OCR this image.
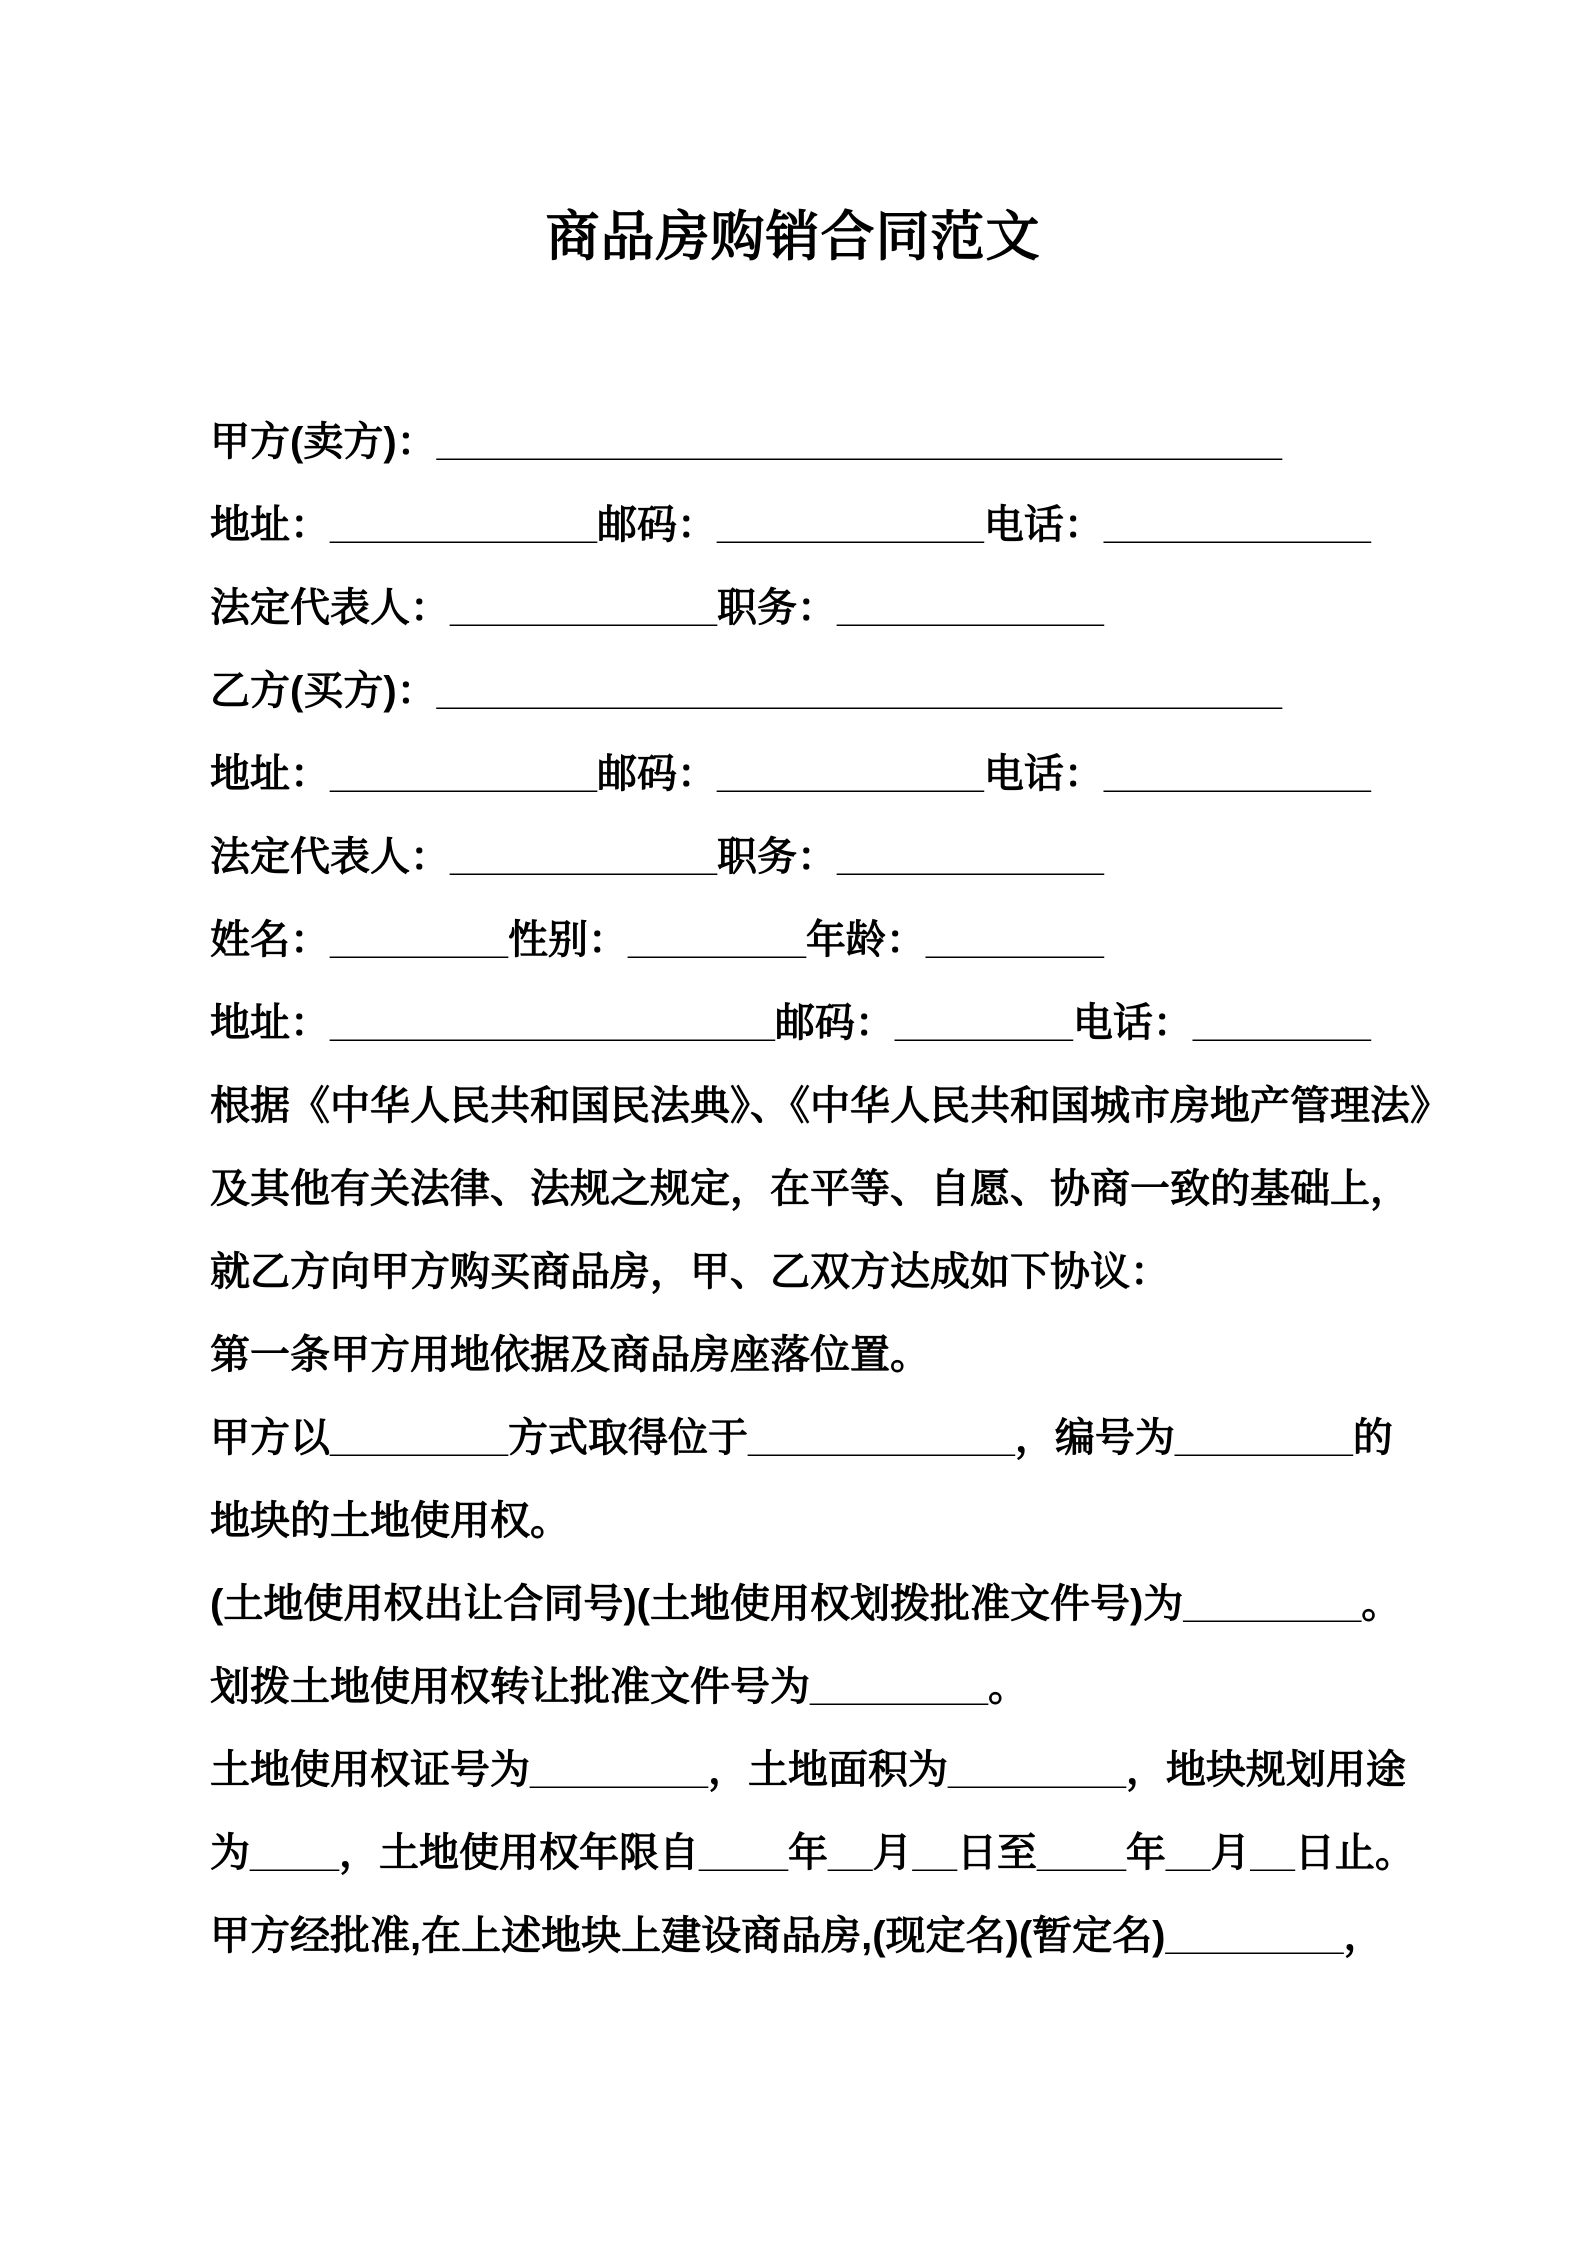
商品房购销合同范文

甲方(卖方)：______________________________________

地址：____________邮码：____________电话：____________

法定代表人：____________职务：____________

乙方(买方)：______________________________________

地址：____________邮码：____________电话：____________

法定代表人：____________职务：____________

姓名：________性别：________年龄：________

地址：____________________邮码：________电话：________

根据《中华人民共和国民法典》、《中华人民共和国城市房地产管理法》

及其他有关法律、法规之规定，在平等、自愿、协商一致的基础上，

就乙方向甲方购买商品房，甲、乙双方达成如下协议：

第一条甲方用地依据及商品房座落位置。

甲方以________方式取得位于____________，编号为________的

地块的土地使用权。

(土地使用权出让合同号)(土地使用权划拨批准文件号)为________。

划拨土地使用权转让批准文件号为________。

土地使用权证号为________，土地面积为________，地块规划用途

为____，土地使用权年限自____年__月__日至____年__月__日止。

甲方经批准,在上述地块上建设商品房,(现定名)(暂定名)________，
